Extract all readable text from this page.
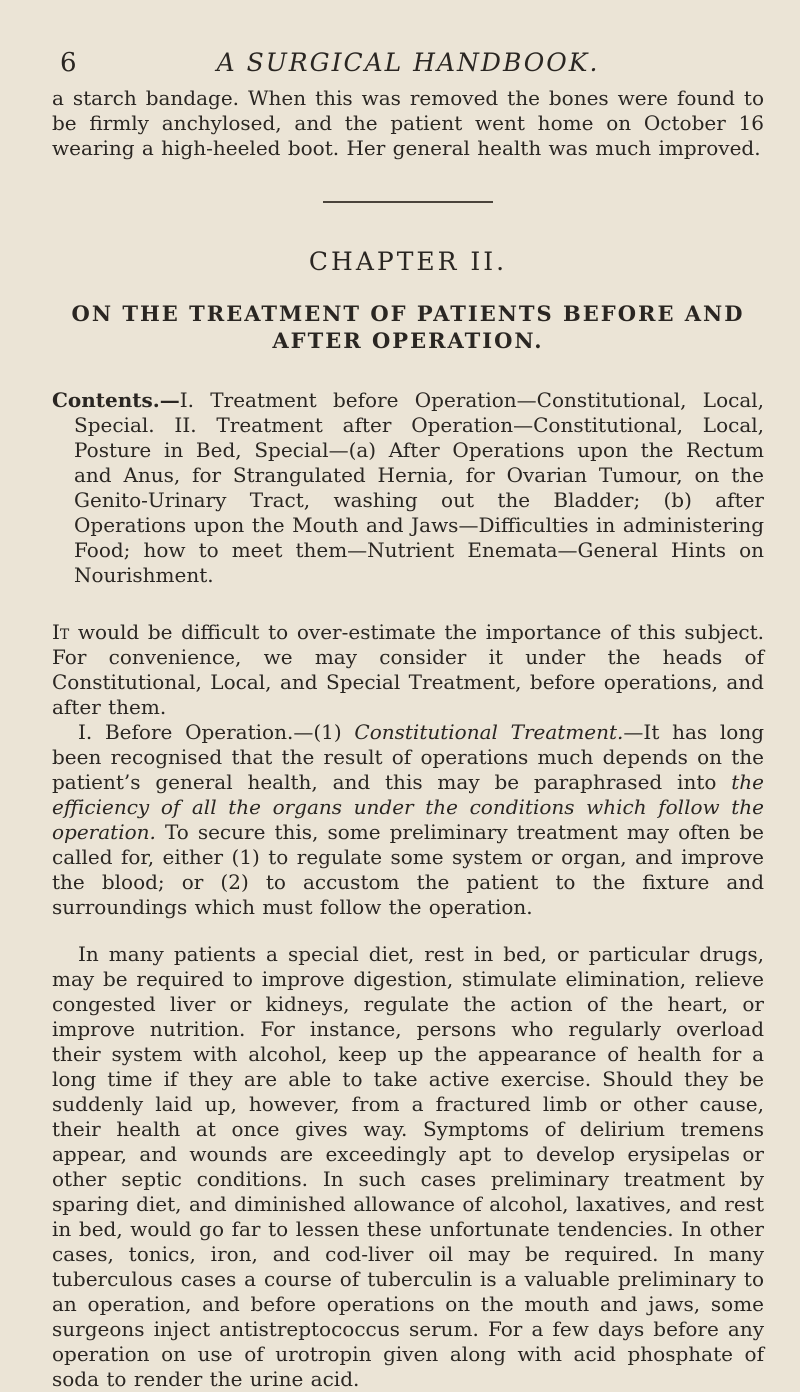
6	A SURGICAL HANDBOOK.

a starch bandage. When this was removed the bones were found to be firmly anchylosed, and the patient went home on October 16 wearing a high-heeled boot. Her general health was much improved.

CHAPTER II.
ON THE TREATMENT OF PATIENTS BEFORE AND AFTER OPERATION.

Contents.—I. Treatment before Operation—Constitutional, Local, Special. II. Treatment after Operation—Constitutional, Local, Posture in Bed, Special—(a) After Operations upon the Rectum and Anus, for Strangulated Hernia, for Ovarian Tumour, on the Genito-Urinary Tract, washing out the Bladder; (b) after Operations upon the Mouth and Jaws—Difficulties in administering Food; how to meet them—Nutrient Enemata—General Hints on Nourishment.

It would be difficult to over-estimate the importance of this subject. For convenience, we may consider it under the heads of Constitutional, Local, and Special Treatment, before operations, and after them.

I. Before Operation.—(1) Constitutional Treatment.—It has long been recognised that the result of operations much depends on the patient’s general health, and this may be paraphrased into the efficiency of all the organs under the conditions which follow the operation. To secure this, some preliminary treatment may often be called for, either (1) to regulate some system or organ, and improve the blood; or (2) to accustom the patient to the fixture and surroundings which must follow the operation.

In many patients a special diet, rest in bed, or particular drugs, may be required to improve digestion, stimulate elimination, relieve congested liver or kidneys, regulate the action of the heart, or improve nutrition. For instance, persons who regularly overload their system with alcohol, keep up the appearance of health for a long time if they are able to take active exercise. Should they be suddenly laid up, however, from a fractured limb or other cause, their health at once gives way. Symptoms of delirium tremens appear, and wounds are exceedingly apt to develop erysipelas or other septic conditions. In such cases preliminary treatment by sparing diet, and diminished allowance of alcohol, laxatives, and rest in bed, would go far to lessen these unfortunate tendencies. In other cases, tonics, iron, and cod-liver oil may be required. In many tuberculous cases a course of tuberculin is a valuable preliminary to an operation, and before operations on the mouth and jaws, some surgeons inject antistreptococcus serum. For a few days before any operation on use of urotropin given along with acid phosphate of soda to render the urine acid.
